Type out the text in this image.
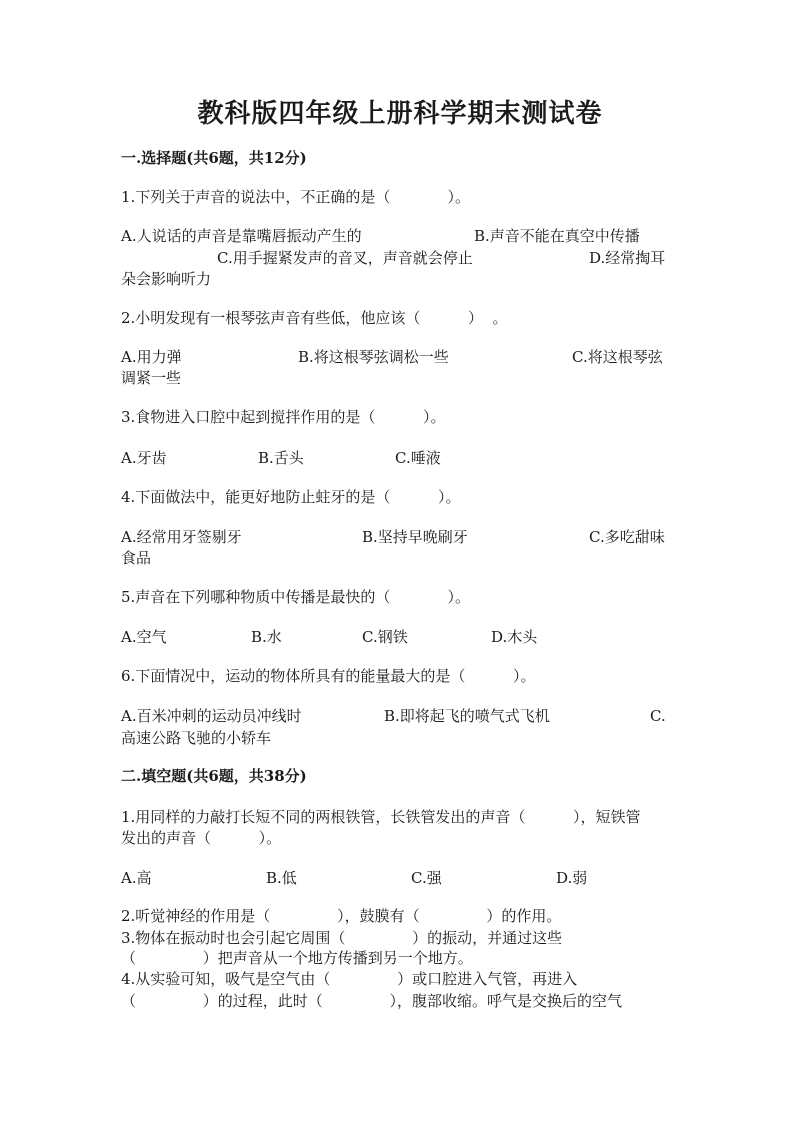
教科版四年级上册科学期末测试卷
一.选择题(共6题，共12分)
1.下列关于声音的说法中，不正确的是（            ）。
A.人说话的声音是靠嘴唇振动产生的	B.声音不能在真空中传播
C.用手握紧发声的音叉，声音就会停止	D.经常掏耳
朵会影响听力
2.小明发现有一根琴弦声音有些低，他应该（          ）  。
A.用力弹	B.将这根琴弦调松一些	C.将这根琴弦
调紧一些
3.食物进入口腔中起到搅拌作用的是（          ）。
A.牙齿	B.舌头	C.唾液
4.下面做法中，能更好地防止蛀牙的是（          ）。
A.经常用牙签剔牙	B.坚持早晚刷牙	C.多吃甜味
食品
5.声音在下列哪种物质中传播是最快的（            ）。
A.空气	B.水	C.钢铁	D.木头
6.下面情况中，运动的物体所具有的能量最大的是（          ）。
A.百米冲刺的运动员冲线时	B.即将起飞的喷气式飞机	C.
高速公路飞驰的小轿车
二.填空题(共6题，共38分)
1.用同样的力敲打长短不同的两根铁管，长铁管发出的声音（          ），短铁管
发出的声音（          ）。
A.高	B.低	C.强	D.弱
2.听觉神经的作用是（              ），鼓膜有（              ）的作用。
3.物体在振动时也会引起它周围（              ）的振动，并通过这些
（              ）把声音从一个地方传播到另一个地方。
4.从实验可知，吸气是空气由（              ）或口腔进入气管，再进入
（              ）的过程，此时（              ），腹部收缩。呼气是交换后的空气
